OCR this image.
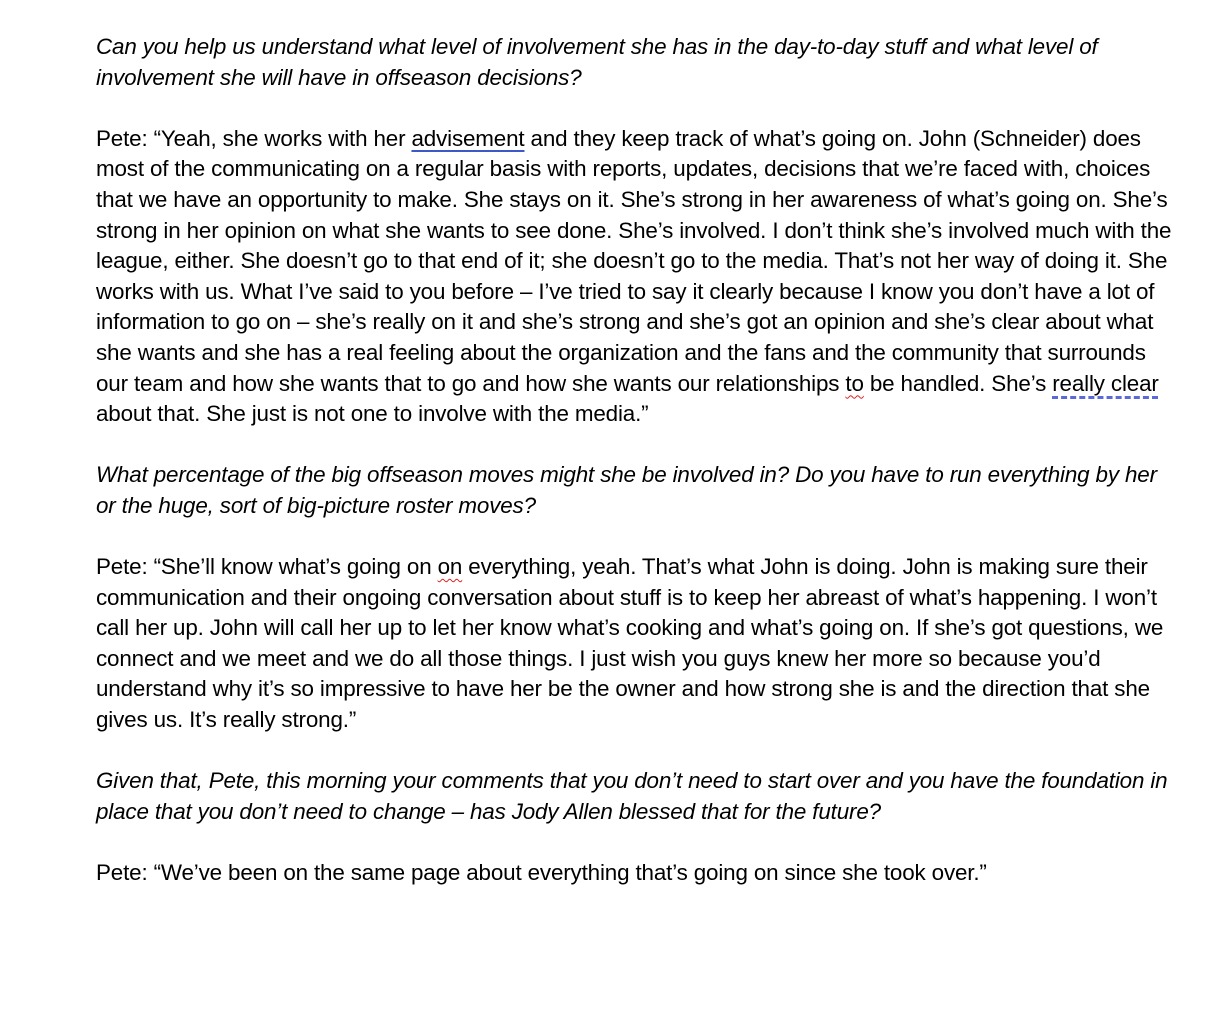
Can you help us understand what level of involvement she has in the day-to-day stuff and what level of involvement she will have in offseason decisions?

Pete: “Yeah, she works with her advisement and they keep track of what’s going on. John (Schneider) does most of the communicating on a regular basis with reports, updates, decisions that we’re faced with, choices that we have an opportunity to make. She stays on it. She’s strong in her awareness of what’s going on. She’s strong in her opinion on what she wants to see done. She’s involved. I don’t think she’s involved much with the league, either. She doesn’t go to that end of it; she doesn’t go to the media. That’s not her way of doing it. She works with us. What I’ve said to you before – I’ve tried to say it clearly because I know you don’t have a lot of information to go on – she’s really on it and she’s strong and she’s got an opinion and she’s clear about what she wants and she has a real feeling about the organization and the fans and the community that surrounds our team and how she wants that to go and how she wants our relationships to be handled. She’s really clear about that. She just is not one to involve with the media.”

What percentage of the big offseason moves might she be involved in? Do you have to run everything by her or the huge, sort of big-picture roster moves?

Pete: “She’ll know what’s going on on everything, yeah. That’s what John is doing. John is making sure their communication and their ongoing conversation about stuff is to keep her abreast of what’s happening. I won’t call her up. John will call her up to let her know what’s cooking and what’s going on. If she’s got questions, we connect and we meet and we do all those things. I just wish you guys knew her more so because you’d understand why it’s so impressive to have her be the owner and how strong she is and the direction that she gives us. It’s really strong.”

Given that, Pete, this morning your comments that you don’t need to start over and you have the foundation in place that you don’t need to change – has Jody Allen blessed that for the future?

Pete: “We’ve been on the same page about everything that’s going on since she took over.”
